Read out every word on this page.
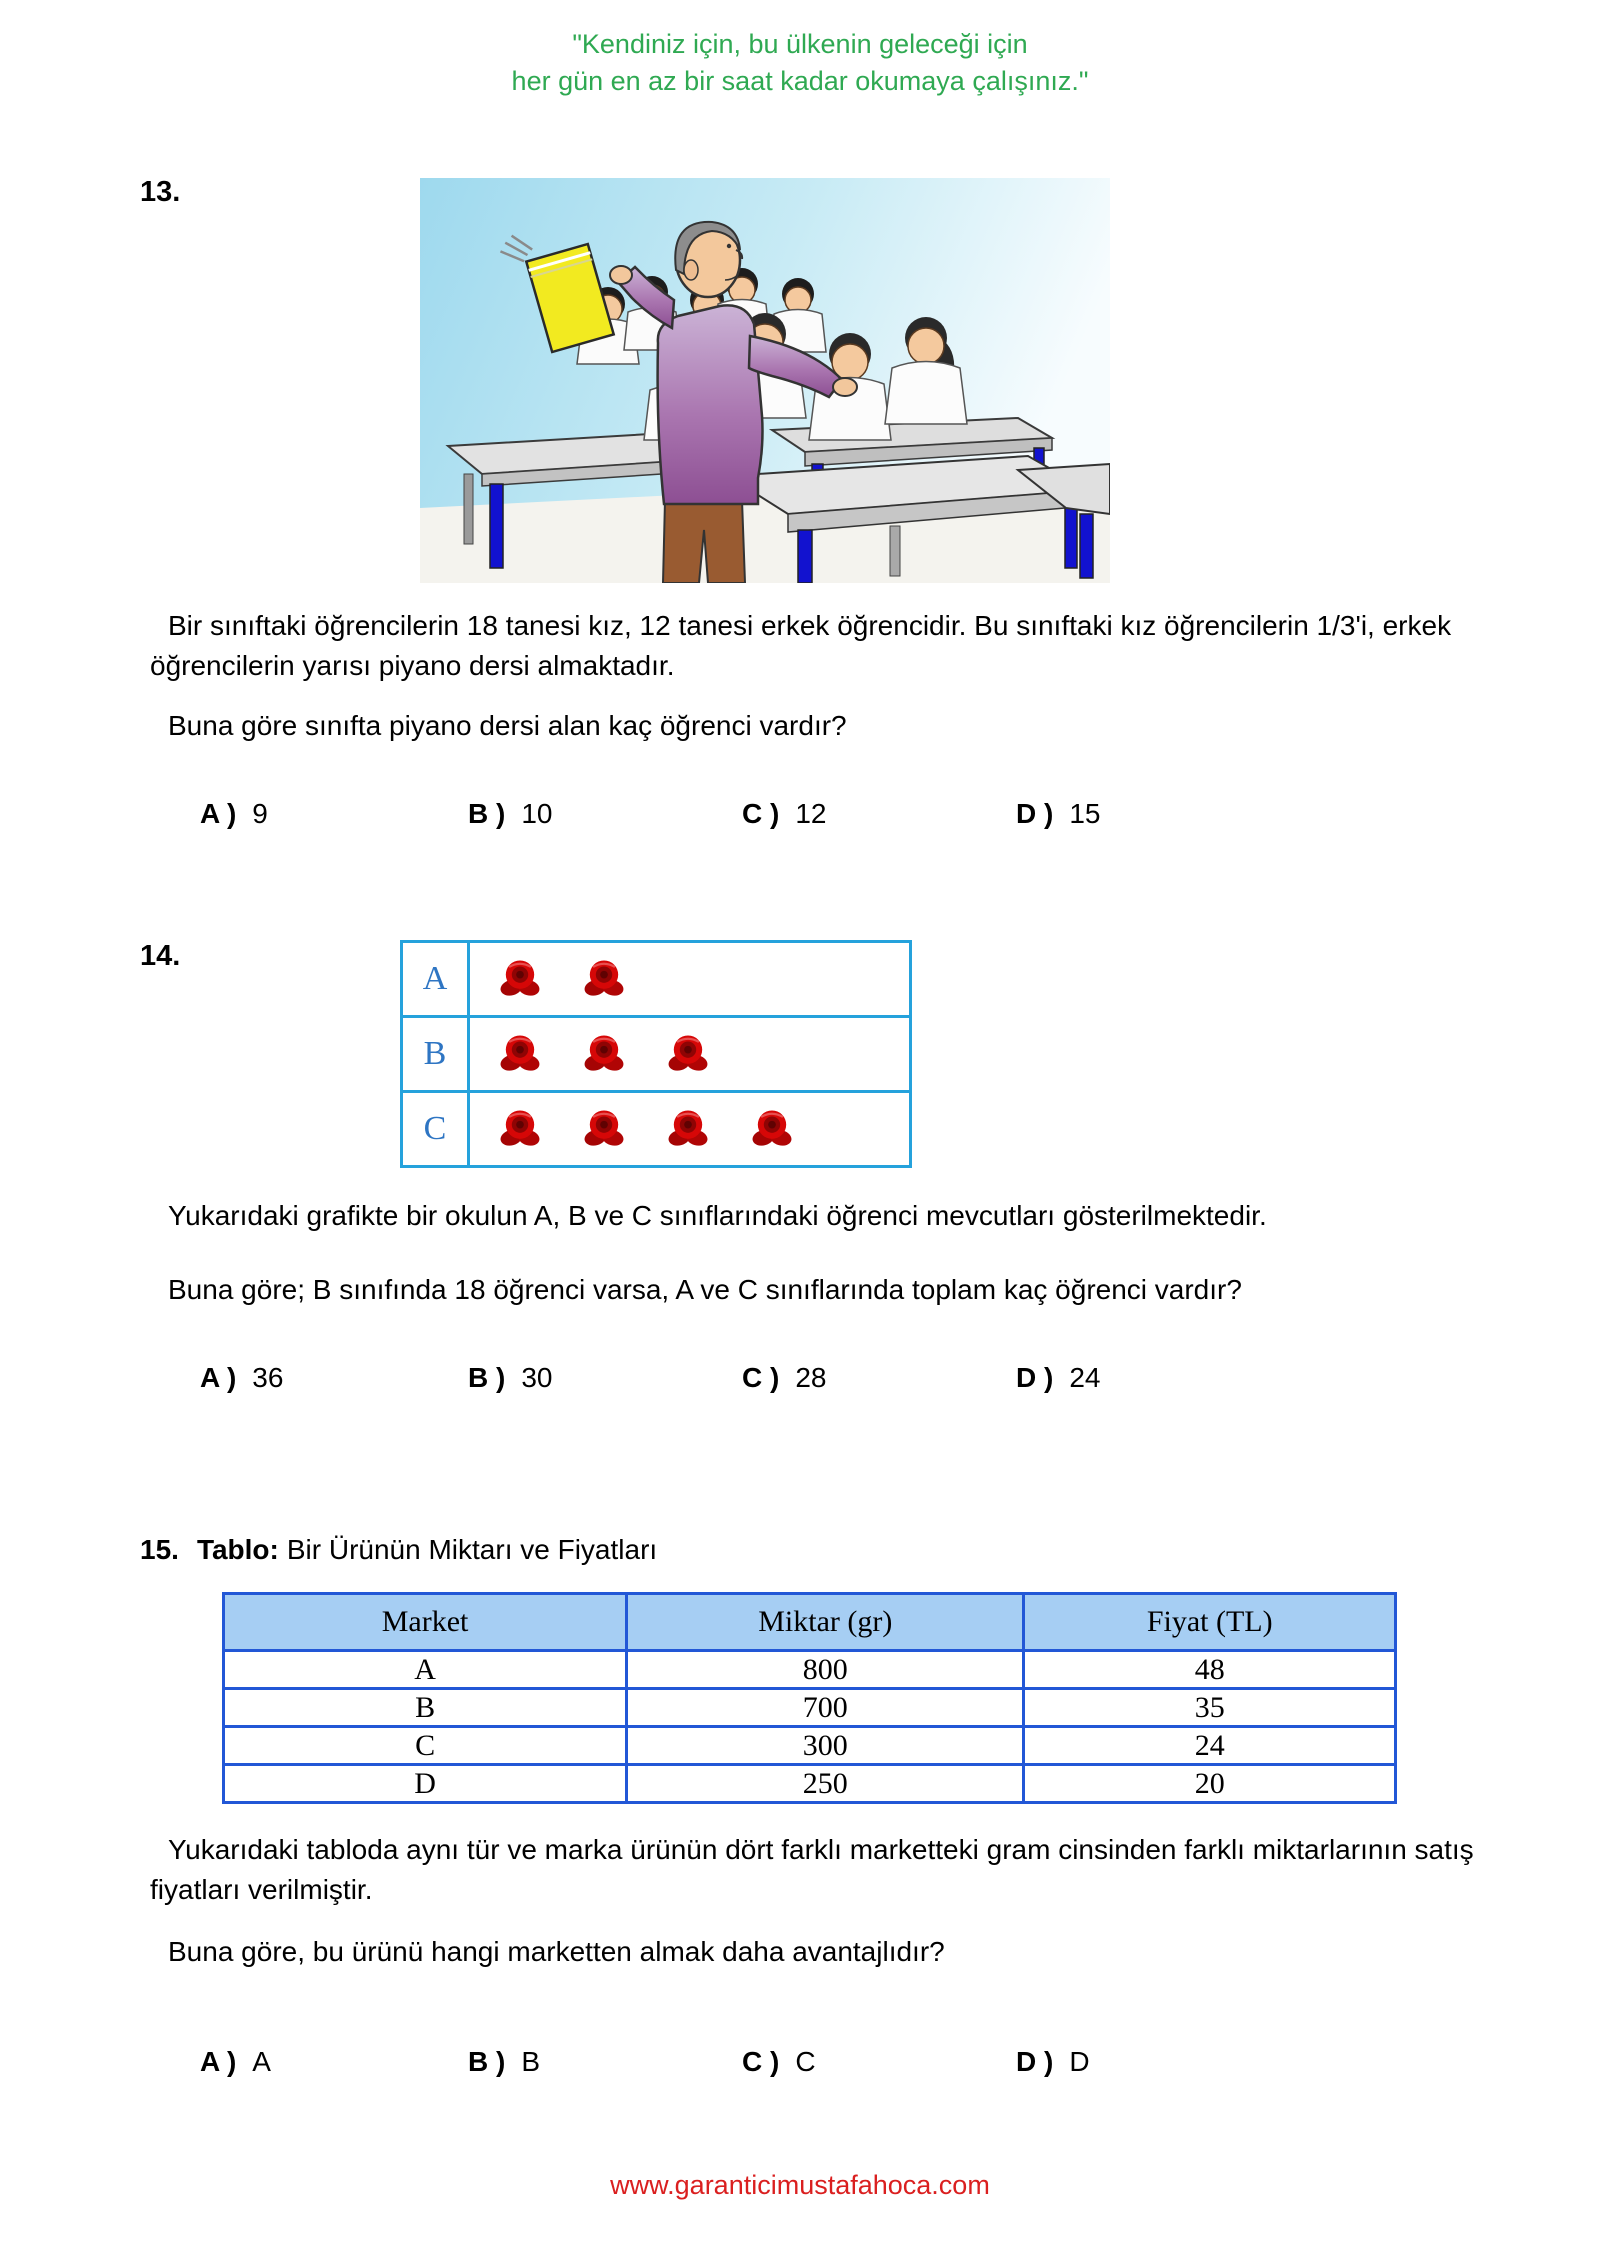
"Kendiniz için, bu ülkenin geleceği için
her gün en az bir saat kadar okumaya çalışınız."
13.
Bir sınıftaki öğrencilerin 18 tanesi kız, 12 tanesi erkek öğrencidir. Bu sınıftaki kız öğrencilerin 1/3'i, erkek öğrencilerin yarısı piyano dersi almaktadır.
Buna göre sınıfta piyano dersi alan kaç öğrenci vardır?
A ) 9	B ) 10	C ) 12	D ) 15
14.
A
B
C
Yukarıdaki grafikte bir okulun A, B ve C sınıflarındaki öğrenci mevcutları gösterilmektedir.
Buna göre; B sınıfında 18 öğrenci varsa, A ve C sınıflarında toplam kaç öğrenci vardır?
A ) 36	B ) 30	C ) 28	D ) 24
15. Tablo: Bir Ürünün Miktarı ve Fiyatları
Market	Miktar (gr)	Fiyat (TL)
A	800	48
B	700	35
C	300	24
D	250	20
Yukarıdaki tabloda aynı tür ve marka ürünün dört farklı marketteki gram cinsinden farklı miktarlarının satış fiyatları verilmiştir.
Buna göre, bu ürünü hangi marketten almak daha avantajlıdır?
A ) A	B ) B	C ) C	D ) D
www.garanticimustafahoca.com
